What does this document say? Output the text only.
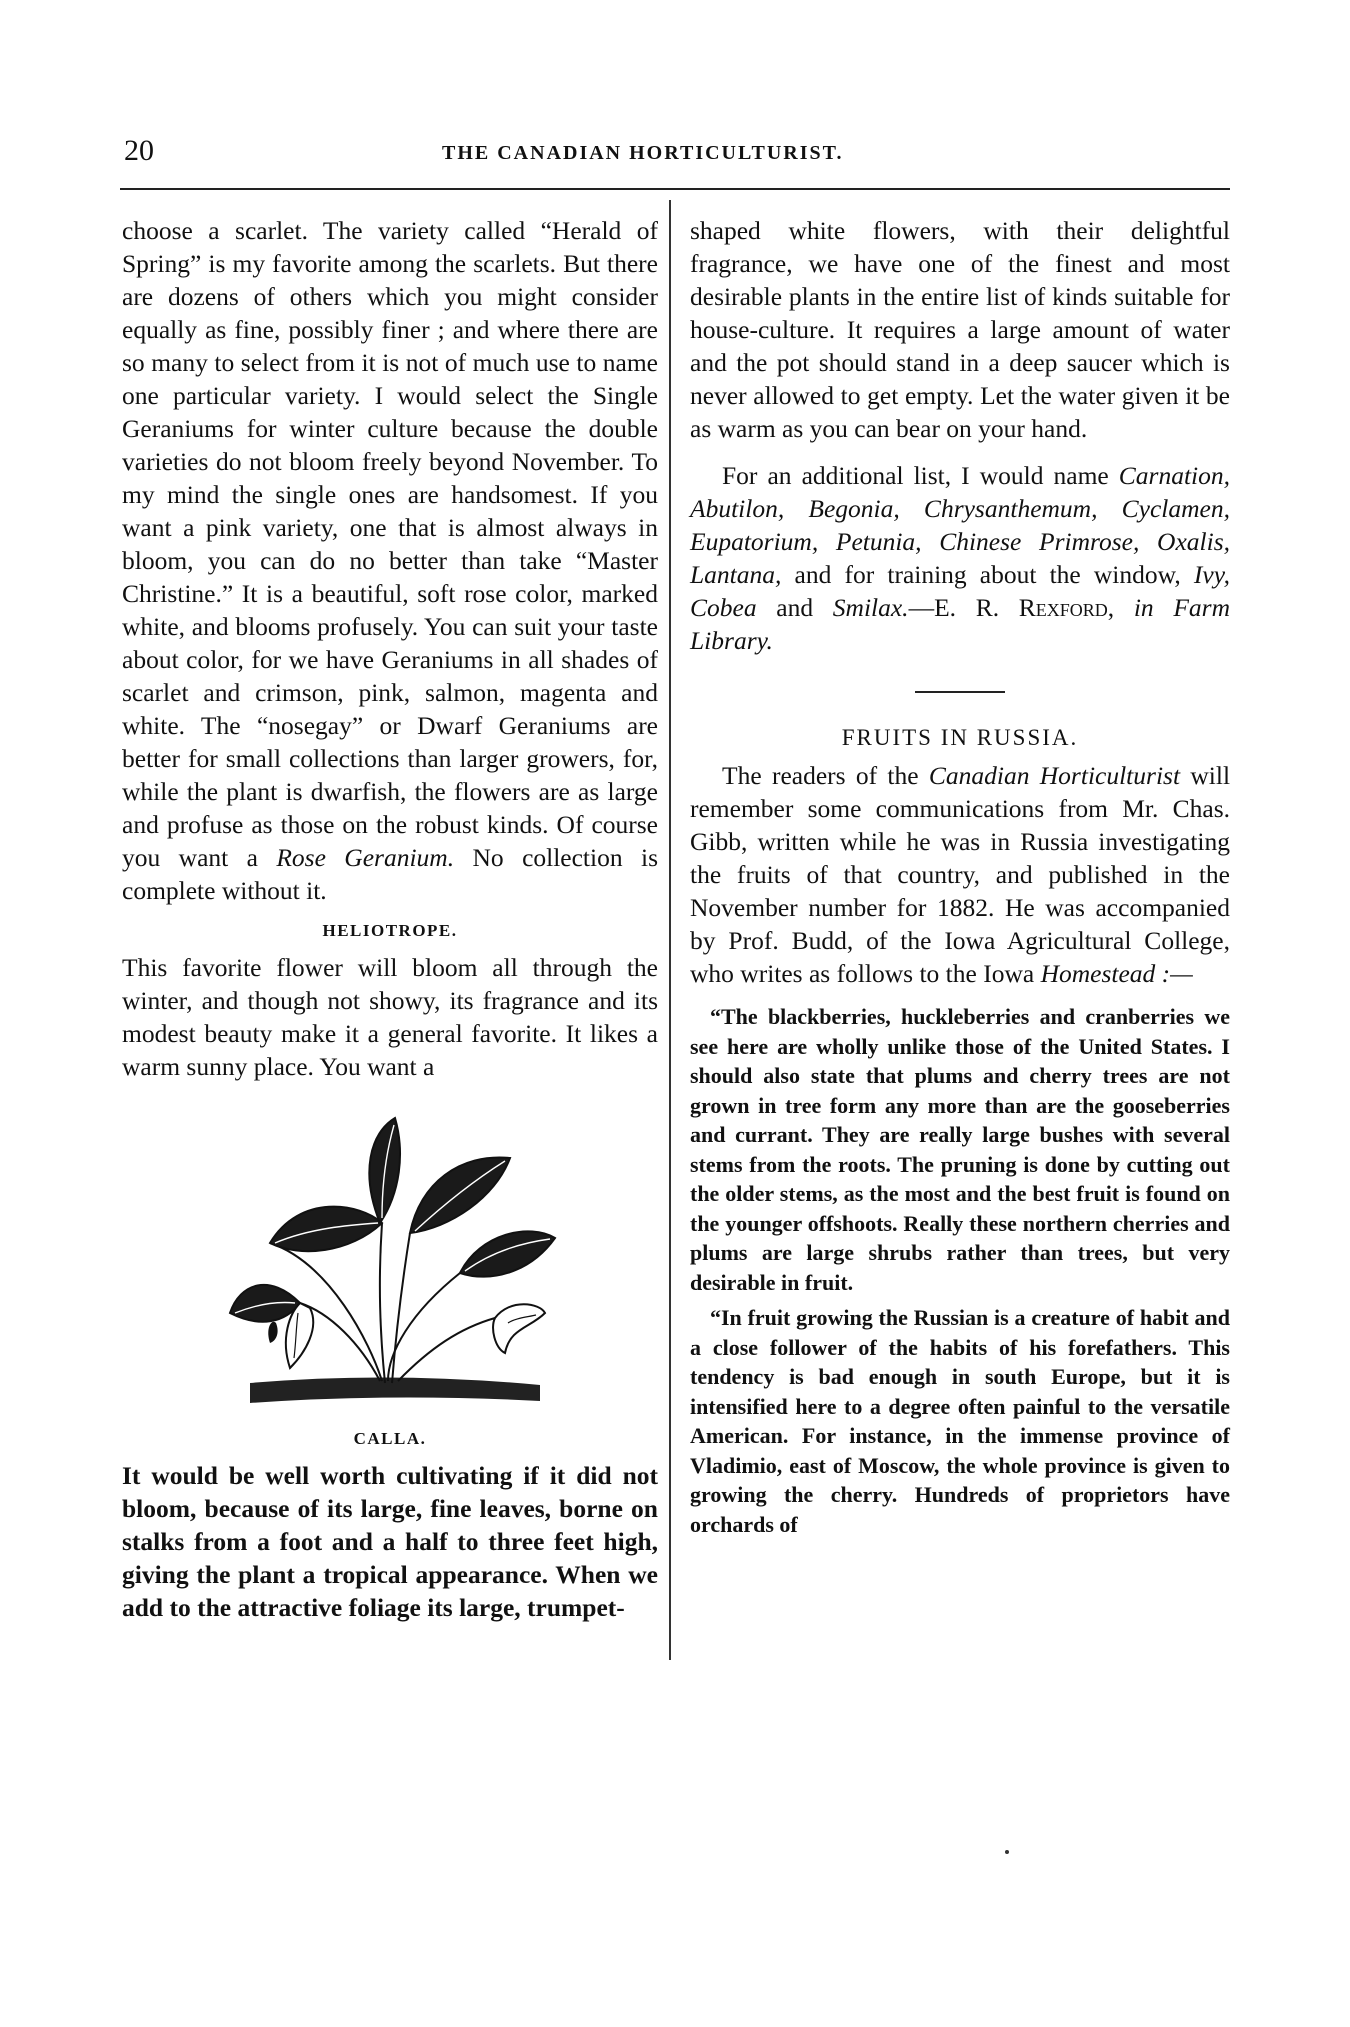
20	THE CANADIAN HORTICULTURIST.

choose a scarlet. The variety called “Herald of Spring” is my favorite among the scarlets. But there are dozens of others which you might consider equally as fine, possibly finer ; and where there are so many to select from it is not of much use to name one particular variety. I would select the Single Geraniums for winter culture because the double varieties do not bloom freely beyond November. To my mind the single ones are handsomest. If you want a pink variety, one that is almost always in bloom, you can do no better than take “Master Christine.” It is a beautiful, soft rose color, marked white, and blooms profusely. You can suit your taste about color, for we have Geraniums in all shades of scarlet and crimson, pink, salmon, magenta and white. The “nosegay” or Dwarf Geraniums are better for small collections than larger growers, for, while the plant is dwarfish, the flowers are as large and profuse as those on the robust kinds. Of course you want a Rose Geranium. No collection is complete without it.

HELIOTROPE.

This favorite flower will bloom all through the winter, and though not showy, its fragrance and its modest beauty make it a general favorite. It likes a warm sunny place. You want a

CALLA.

It would be well worth cultivating if it did not bloom, because of its large, fine leaves, borne on stalks from a foot and a half to three feet high, giving the plant a tropical appearance. When we add to the attractive foliage its large, trumpet-

shaped white flowers, with their delightful fragrance, we have one of the finest and most desirable plants in the entire list of kinds suitable for house-culture. It requires a large amount of water and the pot should stand in a deep saucer which is never allowed to get empty. Let the water given it be as warm as you can bear on your hand.

For an additional list, I would name Carnation, Abutilon, Begonia, Chrysanthemum, Cyclamen, Eupatorium, Petunia, Chinese Primrose, Oxalis, Lantana, and for training about the window, Ivy, Cobea and Smilax.—E. R. Rexford, in Farm Library.

FRUITS IN RUSSIA.

The readers of the Canadian Horticulturist will remember some communications from Mr. Chas. Gibb, written while he was in Russia investigating the fruits of that country, and published in the November number for 1882. He was accompanied by Prof. Budd, of the Iowa Agricultural College, who writes as follows to the Iowa Homestead :—

“The blackberries, huckleberries and cranberries we see here are wholly unlike those of the United States. I should also state that plums and cherry trees are not grown in tree form any more than are the gooseberries and currant. They are really large bushes with several stems from the roots. The pruning is done by cutting out the older stems, as the most and the best fruit is found on the younger offshoots. Really these northern cherries and plums are large shrubs rather than trees, but very desirable in fruit.

“In fruit growing the Russian is a creature of habit and a close follower of the habits of his forefathers. This tendency is bad enough in south Europe, but it is intensified here to a degree often painful to the versatile American. For instance, in the immense province of Vladimio, east of Moscow, the whole province is given to growing the cherry. Hundreds of proprietors have orchards of
